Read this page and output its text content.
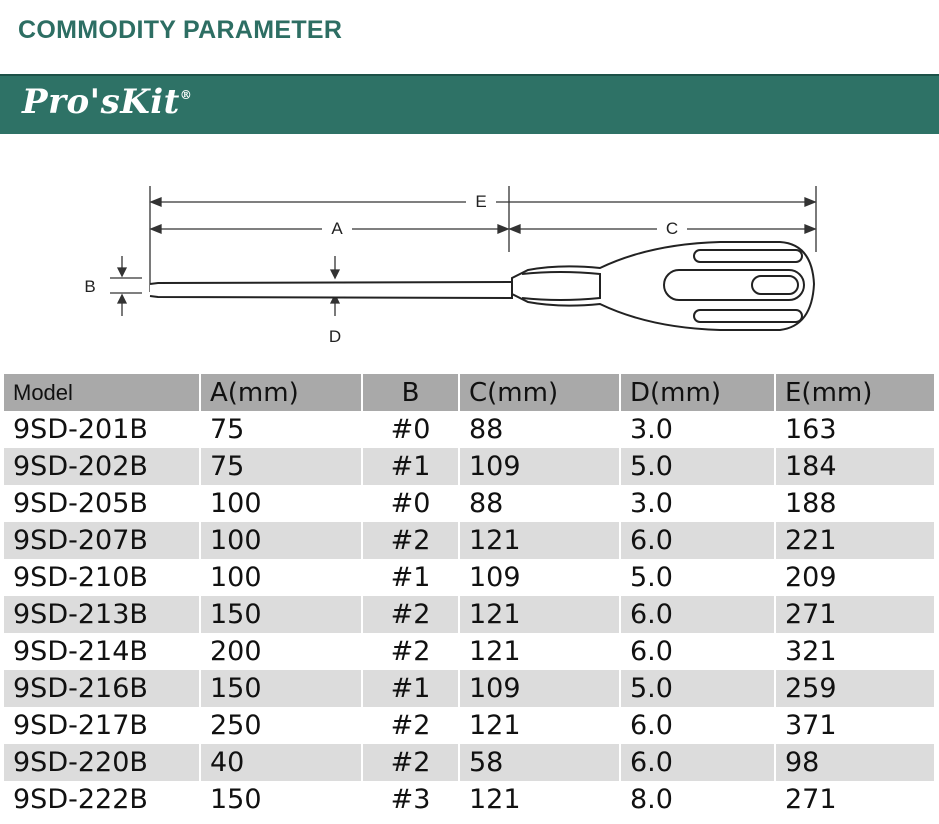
COMMODITY PARAMETER
Pro'sKit®
E
A	C
B
D
Model	A(mm)	B	C(mm)	D(mm)	E(mm)
9SD-201B	75	#0	88	3.0	163
9SD-202B	75	#1	109	5.0	184
9SD-205B	100	#0	88	3.0	188
9SD-207B	100	#2	121	6.0	221
9SD-210B	100	#1	109	5.0	209
9SD-213B	150	#2	121	6.0	271
9SD-214B	200	#2	121	6.0	321
9SD-216B	150	#1	109	5.0	259
9SD-217B	250	#2	121	6.0	371
9SD-220B	40	#2	58	6.0	98
9SD-222B	150	#3	121	8.0	271
